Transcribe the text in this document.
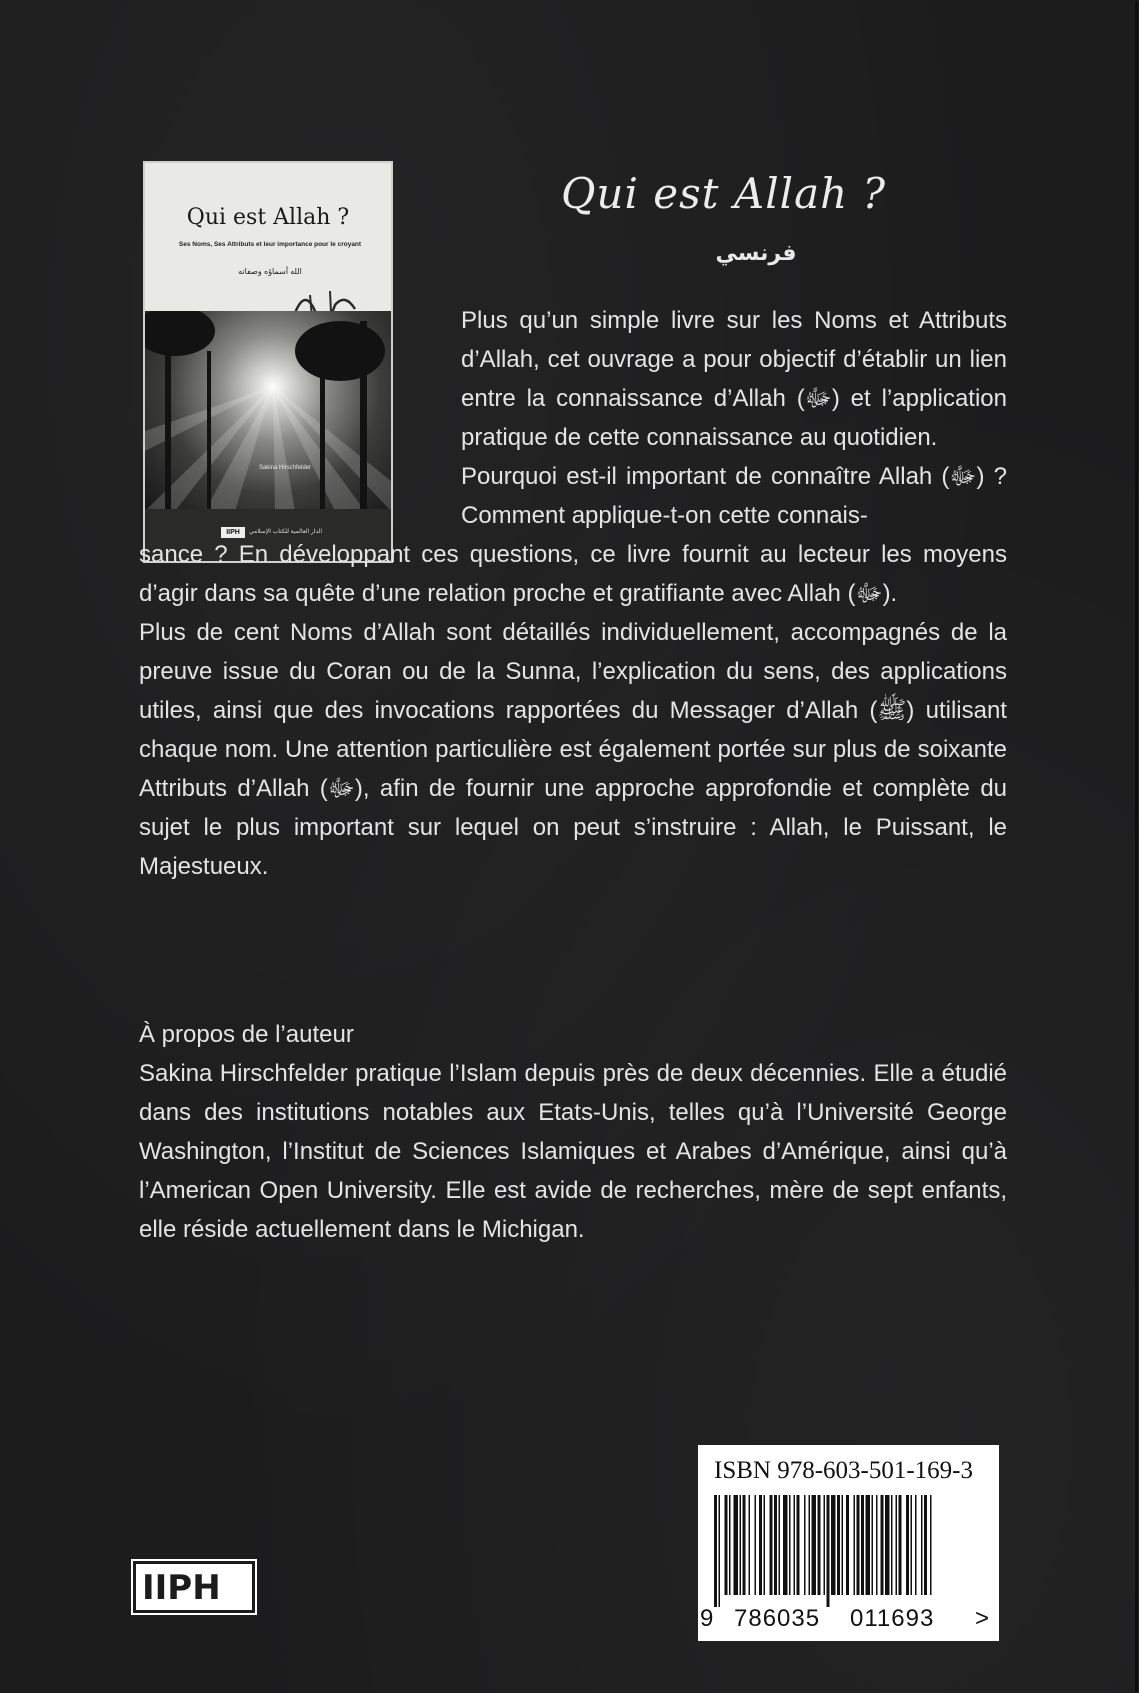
Qui est Allah ?
Ses Noms, Ses Attributs et leur importance pour le croyant
الله أسماؤه وصفاته
Sakina Hirschfelder
IIPH	الدار العالمية للكتاب الإسلامي
Qui est Allah ?
فرنسي
Plus qu’un simple livre sur les Noms et Attributs d’Allah, cet ouvrage a pour objectif d’établir un lien entre la connaissance d’Allah (ﷻ) et l’application pratique de cette connaissance au quotidien.
Pourquoi est-il important de connaître Allah (ﷻ) ? Comment applique-t-on cette connais-
sance ? En développant ces questions, ce livre fournit au lecteur les moyens d’agir dans sa quête d’une relation proche et gratifiante avec Allah (ﷻ).
Plus de cent Noms d’Allah sont détaillés individuellement, accompagnés de la preuve issue du Coran ou de la Sunna, l’explication du sens, des applications utiles, ainsi que des invocations rapportées du Messager d’Allah (ﷺ) utilisant chaque nom. Une attention particulière est également portée sur plus de soixante Attributs d’Allah (ﷻ), afin de fournir une approche approfondie et complète du sujet le plus important sur lequel on peut s’instruire : Allah, le Puissant, le Majestueux.
À propos de l’auteur
Sakina Hirschfelder pratique l’Islam depuis près de deux décennies. Elle a étudié dans des institutions notables aux Etats-Unis, telles qu’à l’Université George Washington, l’Institut de Sciences Islamiques et Arabes d’Amérique, ainsi qu’à l’American Open University. Elle est avide de recherches, mère de sept enfants, elle réside actuellement dans le Michigan.
ISBN 978-603-501-169-3
9 786035 011693 >
IIPH
